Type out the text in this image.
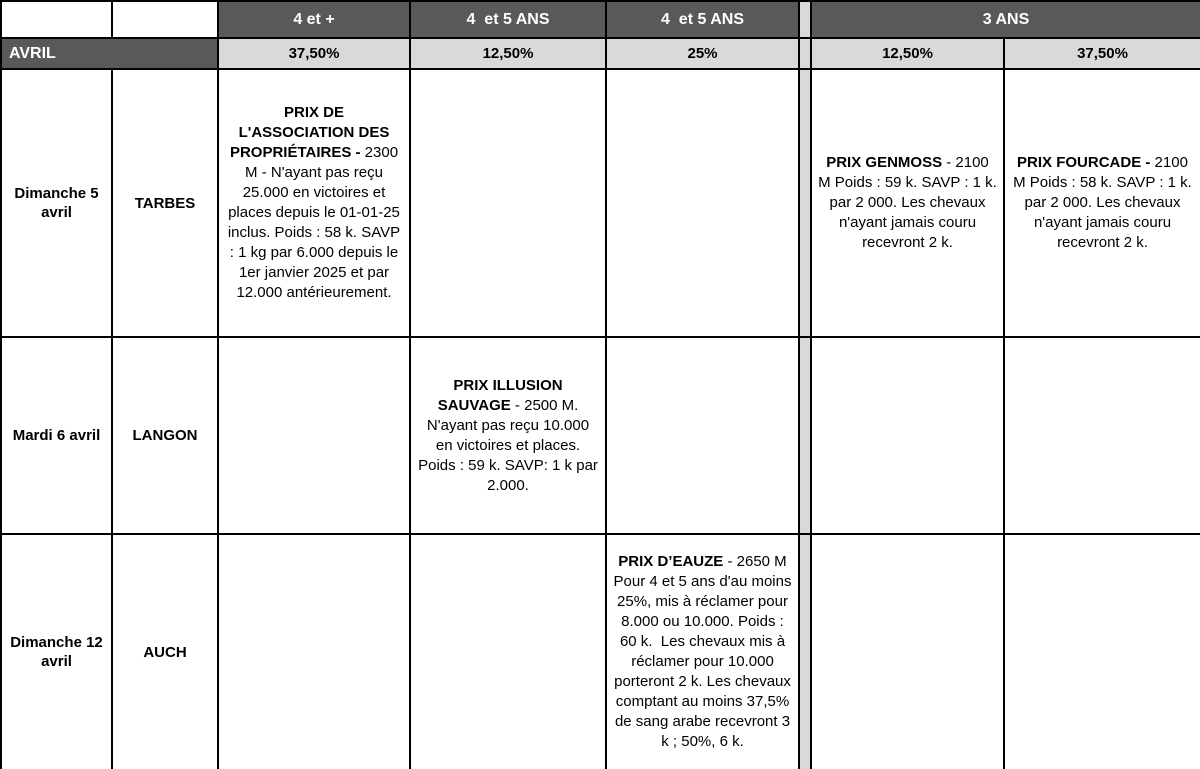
		4 et +	4  et 5 ANS	4  et 5 ANS		3 ANS	
AVRIL		37,50%	12,50%	25%		12,50%	37,50%
Dimanche 5 avril	TARBES	PRIX DE L'ASSOCIATION DES PROPRIÉTAIRES - 2300 M - N'ayant pas reçu 25.000 en victoires et places depuis le 01-01-25 inclus. Poids : 58 k. SAVP : 1 kg par 6.000 depuis le 1er janvier 2025 et par 12.000 antérieurement.				PRIX GENMOSS - 2100 M Poids : 59 k. SAVP : 1 k. par 2 000. Les chevaux n'ayant jamais couru recevront 2 k.	PRIX FOURCADE - 2100 M Poids : 58 k. SAVP : 1 k. par 2 000. Les chevaux n'ayant jamais couru recevront 2 k.
Mardi 6 avril	LANGON		PRIX ILLUSION SAUVAGE - 2500 M. N'ayant pas reçu 10.000 en victoires et places. Poids : 59 k. SAVP: 1 k par 2.000.				
Dimanche 12 avril	AUCH			PRIX D’EAUZE - 2650 M Pour 4 et 5 ans d'au moins 25%, mis à réclamer pour 8.000 ou 10.000. Poids : 60 k.  Les chevaux mis à réclamer pour 10.000 porteront 2 k. Les chevaux comptant au moins 37,5% de sang arabe recevront 3 k ; 50%, 6 k.			
